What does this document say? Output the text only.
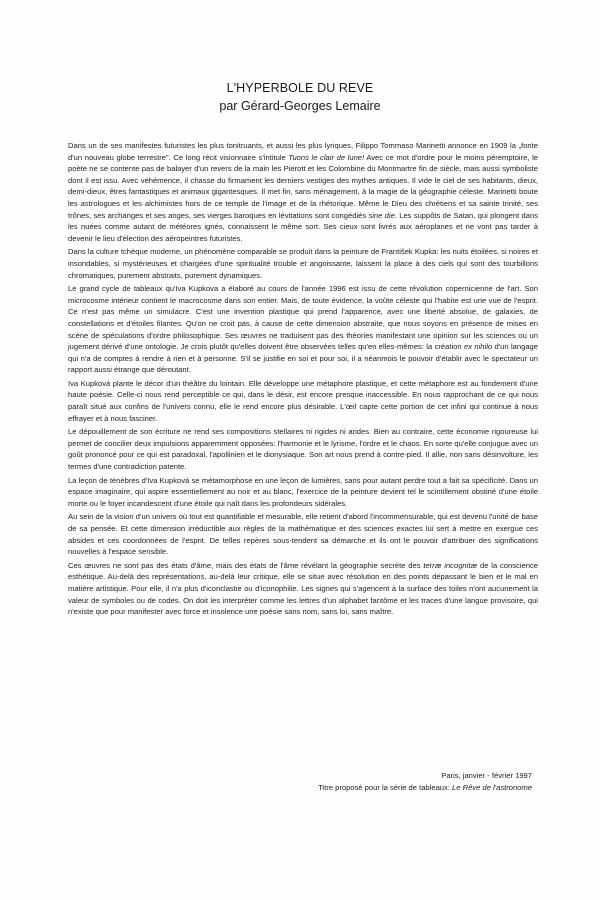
L'HYPERBOLE DU REVE
par Gérard-Georges Lemaire

Dans un de ses manifestes futuristes les plus tonitruants, et aussi les plus lyriques, Filippo Tommaso Marinetti annonce en 1909 la „fonte d'un nouveau globe terrestre". Ce long récit visionnaire s'intitule Tuons le clair de lune! Avec ce mot d'ordre pour le moins péremptoire, le poète ne se contente pas de balayer d'un revers de la main les Pierott et les Colombine du Montmartre fin de siècle, mais aussi symboliste dont il est issu. Avec véhémence, il chasse du firmament les derniers vestiges des mythes antiques. Il vide le ciel de ses habitants, dieux, demi-dieux, êtres fantastiques et animaux gigantesques. Il met fin, sans ménagement, à la magie de la géographie céleste. Marinetti boute les astrologues et les alchimistes hors de ce temple de l'image et de la rhétorique. Même le Dieu des chrétiens et sa sainte trinité, ses trônes, ses archanges et ses anges, ses vierges baroques en lévitations sont congédiés sine die. Les suppôts de Satan, qui plongent dans les nuées comme autant de météores ignés, connaissent le même sort. Ses cieux sont livrés aux aéroplanes et ne vont pas tarder à devenir le lieu d'élection des aéropeintres futuristes.

Dans la culture tchèque moderne, un phénomène comparable se produit dans la peinture de František Kupka: les nuits étoilées, si noires et insondables, si mystérieuses et chargées d'une spiritualité trouble et angoissante, laissent la place à des ciels qui sont des tourbillons chromatiques, purement abstraits, purement dynamiques.

Le grand cycle de tableaux qu'Iva Kupkova a élaboré au cours de l'année 1996 est issu de cette révolution copernicienne de l'art. Son microcosme intérieur contient le macrocosme dans son entier. Mais, de toute évidence, la voûte céleste qui l'habite est une vue de l'esprit. Ce n'est pas même un simulacre. C'est une invention plastique qui prend l'apparence, avec une liberté absolue, de galaxies, de constellations et d'étoiles filantes. Qu'on ne croit pas, à cause de cette dimension abstraite, que nous soyons en présence de mises en scène de spéculations d'ordre philosophique. Ses œuvres ne traduisent pas des théories manifestant une opinion sur les sciences ou un jugement dérivé d'une ontologie. Je crois plutôt qu'elles doivent être observées telles qu'en elles-mêmes: la création ex nihilo d'un langage qui n'a de comptes à rendre à rien et à personne. S'il se justifie en soi et pour soi, il a néanmois le pouvoir d'établir avec le spectateur un rapport aussi étrange que déroutant.

Iva Kupková plante le décor d'un théâtre du lointain. Elle développe une métaphore plastique, et cette métaphore est au fondement d'une haute poésie. Celle-ci nous rend perceptible ce qui, dans le désir, est encore presque inaccessible. En nous rapprochant de ce qui nous paraît situé aux confins de l'univers connu, elle le rend encore plus désirable. L'œil capte cette portion de cet infini qui continue à nous effrayer et à nous fasciner.

Le dépouillement de son écriture ne rend ses compositions stellaires ni rigides ni arides. Bien au contraire, cette économie rigoureuse lui permet de concilier deux impulsions apparemment opposées: l'harmonie et le lyrisme, l'ordre et le chaos. En sorte qu'elle conjugue avec un goût prononcé pour ce qui est paradoxal, l'apollinien et le dionysiaque. Son art nous prend à contre-pied. Il allie, non sans désinvolture, les termes d'une contradiction patente.

La leçon de ténèbres d'Iva Kupková se métamorphose en une leçon de lumières, sans pour autant perdre tout a fait sa spécificité. Dans un espace imaginaire, qui aspire essentiellement au noir et au blanc, l'exercice de la peinture devient tel le scintillement obstiné d'une étoile morte ou le foyer incandescent d'une étoile qui naît dans les profondeurs sidérales.

Au sein de la vision d'un univers où tout est quantifiable et mesurable, elle retient d'abord l'incommensurable, qui est devenu l'unité de base de sa pensée. Et cette dimension irréductible aux règles de la mathématique et des sciences exactes lui sert à mettre en exergue ces absides et ces coordonnées de l'esprit. De telles repères sous-tendent sa démarche et ils ont le pouvoir d'attribuer des significations nouvelles à l'espace sensible.

Ces œuvres ne sont pas des états d'âme, mais des états de l'âme révélant la géographie secrète des terræ incognitæ de la conscience esthétique. Au-delà des représentations, au-delà leur critique, elle se situe avec résolution en des points dépassant le bien et le mal en matière artistique. Pour elle, il n'a plus d'iconclastie ou d'iconophilie. Les signes qui s'agencent à la surface des toiles n'ont aucunement la valeur de symboles ou de codes. On doit les interpréter comme les lettres d'un alphabet fantôme et les traces d'une langue provisoire, qui n'existe que pour manifester avec force et insolence une poésie sans nom, sans loi, sans maître.

Paris, janvier - février 1997
Titre proposé pour la série de tableaux: Le Rêve de l'astronome
